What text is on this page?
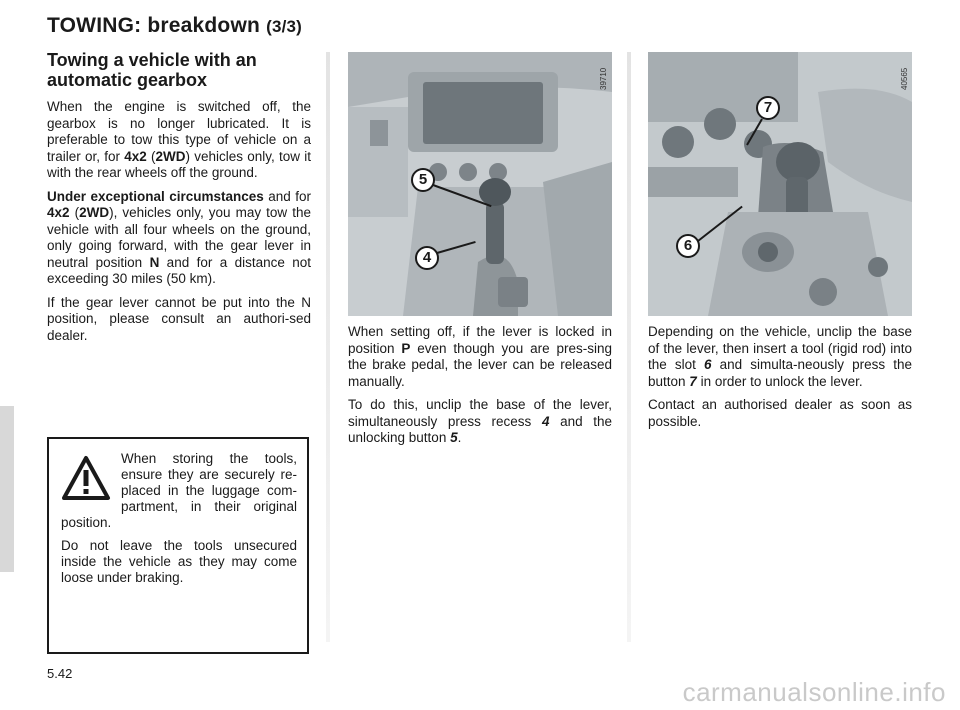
TOWING: breakdown (3/3)
Towing a vehicle with an automatic gearbox

When the engine is switched off, the gearbox is no longer lubricated. It is preferable to tow this type of vehicle on a trailer or, for 4x2 (2WD) vehicles only, tow it with the rear wheels off the ground.

Under exceptional circumstances and for 4x2 (2WD), vehicles only, you may tow the vehicle with all four wheels on the ground, only going forward, with the gear lever in neutral position N and for a distance not exceeding 30 miles (50 km).

If the gear lever cannot be put into the N position, please consult an authori-sed dealer.

When storing the tools, ensure they are securely re-placed in the luggage com-partment, in their original position.

Do not leave the tools unsecured inside the vehicle as they may come loose under braking.

39710
5
4
40565
7
6

When setting off, if the lever is locked in position P even though you are pres-sing the brake pedal, the lever can be released manually.

To do this, unclip the base of the lever, simultaneously press recess 4 and the unlocking button 5.

Depending on the vehicle, unclip the base of the lever, then insert a tool (rigid rod) into the slot 6 and simulta-neously press the button 7 in order to unlock the lever.

Contact an authorised dealer as soon as possible.

5.42
carmanualsonline.info
